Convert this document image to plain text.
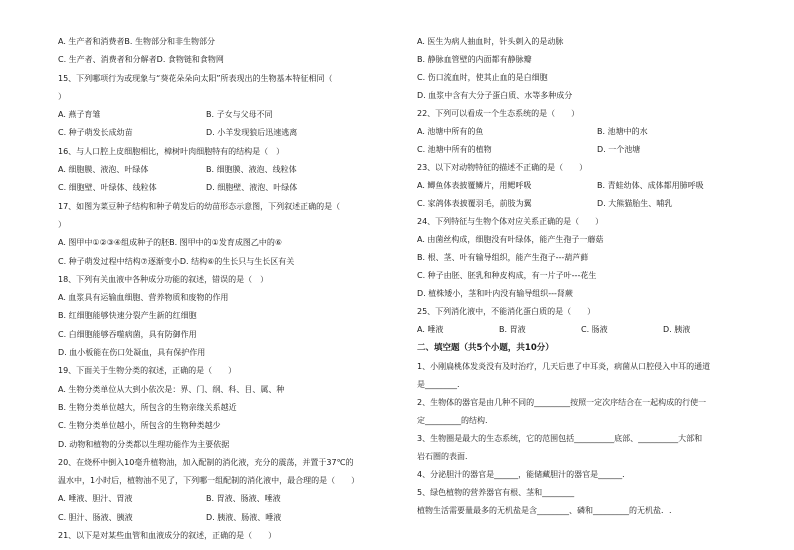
A. 生产者和消费者B. 生物部分和非生物部分
C. 生产者、消费者和分解者D. 食物链和食物网
15、下列哪项行为或现象与“葵花朵朵向太阳”所表现出的生物基本特征相同（
）
A. 燕子育雏	B. 子女与父母不同
C. 种子萌发长成幼苗	D. 小羊发现狼后迅速逃离
16、与人口腔上皮细胞相比，樟树叶肉细胞特有的结构是（　）
A. 细胞膜、液泡、叶绿体	B. 细胞膜、液泡、线粒体
C. 细胞壁、叶绿体、线粒体	D. 细胞壁、液泡、叶绿体
17、如图为菜豆种子结构和种子萌发后的幼苗形态示意图，下列叙述正确的是（
）
A. 图甲中①②③④组成种子的胚B. 图甲中的①发育成图乙中的⑥
C. 种子萌发过程中结构⑦逐渐变小D. 结构⑥的生长只与生长区有关
18、下列有关血液中各种成分功能的叙述，错误的是（　）
A. 血浆具有运输血细胞、营养物质和废物的作用
B. 红细胞能够快速分裂产生新的红细胞
C. 白细胞能够吞噬病菌，具有防御作用
D. 血小板能在伤口处凝血，具有保护作用
19、下面关于生物分类的叙述，正确的是（　　）
A. 生物分类单位从大到小依次是：界、门、纲、科、目、属、种
B. 生物分类单位越大，所包含的生物亲缘关系越近
C. 生物分类单位越小，所包含的生物种类越少
D. 动物和植物的分类都以生理功能作为主要依据
20、在烧杯中倒入10毫升植物油，加入配制的消化液，充分的震荡，并置于37℃的
温水中，1小时后，植物油不见了，下列哪一组配制的消化液中，最合理的是（　　）
A. 唾液、胆汁、胃液	B. 胃液、肠液、唾液
C. 胆汁、肠液、胰液	D. 胰液、肠液、唾液
21、以下是对某些血管和血液成分的叙述，正确的是（　　）
A. 医生为病人抽血时，针头刺入的是动脉
B. 静脉血管壁的内面都有静脉瓣
C. 伤口流血时，使其止血的是白细胞
D. 血浆中含有大分子蛋白质、水等多种成分
22、下列可以看成一个生态系统的是（　　）
A. 池塘中所有的鱼	B. 池塘中的水
C. 池塘中所有的植物	D. 一个池塘
23、以下对动物特征的描述不正确的是（　　）
A. 鲫鱼体表披覆鳞片，用鳃呼吸	B. 青蛙幼体、成体都用肺呼吸
C. 家鸽体表披覆羽毛，前肢为翼	D. 大熊猫胎生、哺乳
24、下列特征与生物个体对应关系正确的是（　　）
A. 由菌丝构成，细胞没有叶绿体，能产生孢子一蘑菇
B. 根、茎、叶有输导组织，能产生孢子---葫芦藓
C. 种子由胚、胚乳和种皮构成，有一片子叶---花生
D. 植株矮小，茎和叶内没有输导组织---肾蕨
25、下列消化液中，不能消化蛋白质的是（　　）
A. 唾液	B. 胃液	C. 肠液	D. 胰液
二、填空题（共5个小题，共10分）
1、小刚扁桃体发炎没有及时治疗，几天后患了中耳炎，病菌从口腔侵入中耳的通道
是________.
2、生物体的器官是由几种不同的_________按照一定次序结合在一起构成的行使一
定_________的结构.
3、生物圈是最大的生态系统，它的范围包括__________底部、__________大部和
岩石圈的表面．
4、分泌胆汁的器官是______，能储藏胆汁的器官是______．
5、绿色植物的营养器官有根、茎和________
植物生活需要量最多的无机盐是含________、磷和_________的无机盐．.
